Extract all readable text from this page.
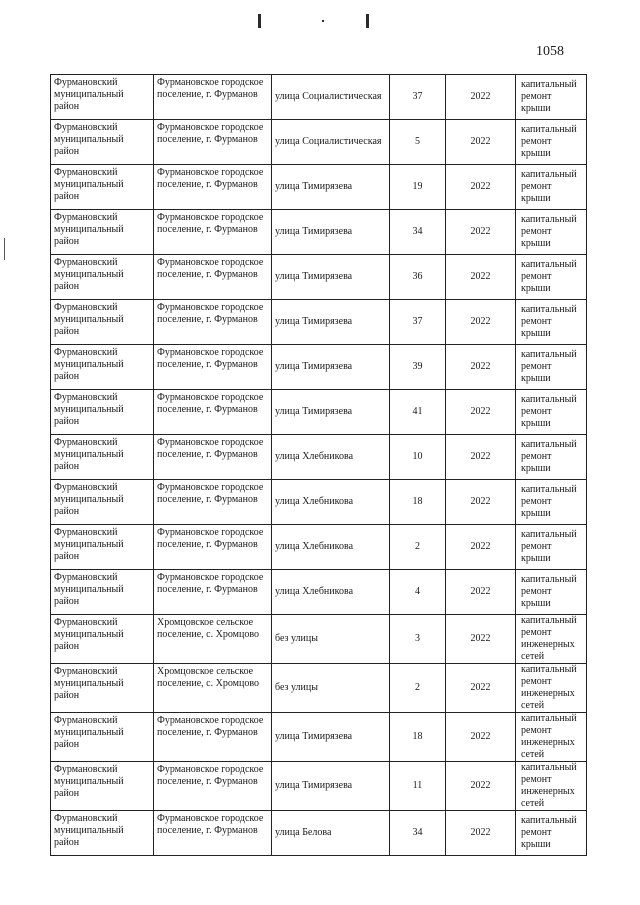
1058
Фурмановский муниципальный район	Фурмановское городское поселение, г. Фурманов	улица Социалистическая	37	2022	капитальный ремонт крыши
Фурмановский муниципальный район	Фурмановское городское поселение, г. Фурманов	улица Социалистическая	5	2022	капитальный ремонт крыши
Фурмановский муниципальный район	Фурмановское городское поселение, г. Фурманов	улица Тимирязева	19	2022	капитальный ремонт крыши
Фурмановский муниципальный район	Фурмановское городское поселение, г. Фурманов	улица Тимирязева	34	2022	капитальный ремонт крыши
Фурмановский муниципальный район	Фурмановское городское поселение, г. Фурманов	улица Тимирязева	36	2022	капитальный ремонт крыши
Фурмановский муниципальный район	Фурмановское городское поселение, г. Фурманов	улица Тимирязева	37	2022	капитальный ремонт крыши
Фурмановский муниципальный район	Фурмановское городское поселение, г. Фурманов	улица Тимирязева	39	2022	капитальный ремонт крыши
Фурмановский муниципальный район	Фурмановское городское поселение, г. Фурманов	улица Тимирязева	41	2022	капитальный ремонт крыши
Фурмановский муниципальный район	Фурмановское городское поселение, г. Фурманов	улица Хлебникова	10	2022	капитальный ремонт крыши
Фурмановский муниципальный район	Фурмановское городское поселение, г. Фурманов	улица Хлебникова	18	2022	капитальный ремонт крыши
Фурмановский муниципальный район	Фурмановское городское поселение, г. Фурманов	улица Хлебникова	2	2022	капитальный ремонт крыши
Фурмановский муниципальный район	Фурмановское городское поселение, г. Фурманов	улица Хлебникова	4	2022	капитальный ремонт крыши
Фурмановский муниципальный район	Хромцовское сельское поселение, с. Хромцово	без улицы	3	2022	капитальный ремонт инженерных сетей
Фурмановский муниципальный район	Хромцовское сельское поселение, с. Хромцово	без улицы	2	2022	капитальный ремонт инженерных сетей
Фурмановский муниципальный район	Фурмановское городское поселение, г. Фурманов	улица Тимирязева	18	2022	капитальный ремонт инженерных сетей
Фурмановский муниципальный район	Фурмановское городское поселение, г. Фурманов	улица Тимирязева	11	2022	капитальный ремонт инженерных сетей
Фурмановский муниципальный район	Фурмановское городское поселение, г. Фурманов	улица Белова	34	2022	капитальный ремонт крыши
